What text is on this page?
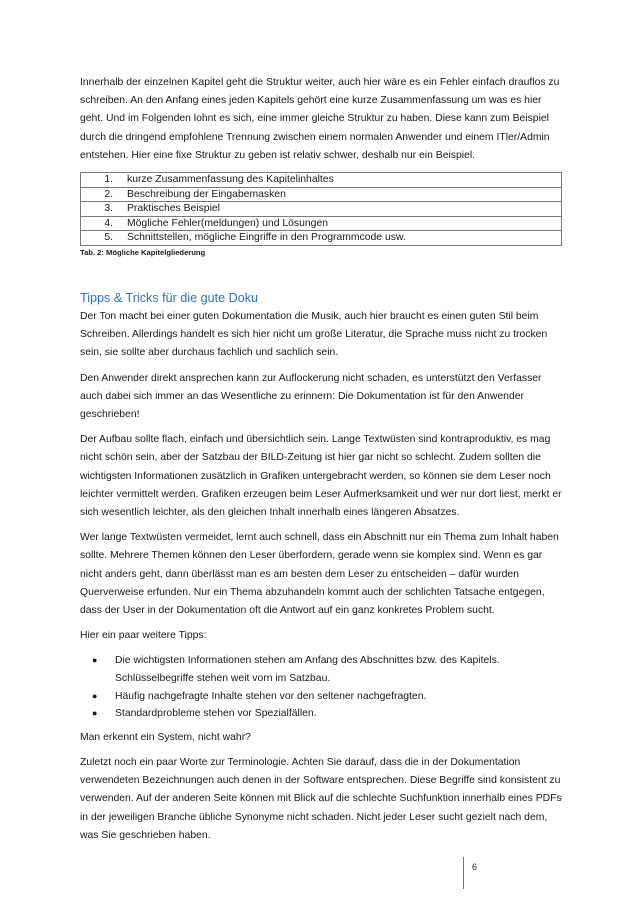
Innerhalb der einzelnen Kapitel geht die Struktur weiter, auch hier wäre es ein Fehler einfach drauflos zu schreiben. An den Anfang eines jeden Kapitels gehört eine kurze Zusammenfassung um was es hier geht. Und im Folgenden lohnt es sich, eine immer gleiche Struktur zu haben. Diese kann zum Beispiel durch die dringend empfohlene Trennung zwischen einem normalen Anwender und einem ITler/Admin entstehen. Hier eine fixe Struktur zu geben ist relativ schwer, deshalb nur ein Beispiel.

1.	kurze Zusammenfassung des Kapitelinhaltes
2.	Beschreibung der Eingabemasken
3.	Praktisches Beispiel
4.	Mögliche Fehler(meldungen) und Lösungen
5.	Schnittstellen, mögliche Eingriffe in den Programmcode usw.
Tab. 2: Mögliche Kapitelgliederung
Tipps & Tricks für die gute Doku

Der Ton macht bei einer guten Dokumentation die Musik, auch hier braucht es einen guten Stil beim Schreiben. Allerdings handelt es sich hier nicht um große Literatur, die Sprache muss nicht zu trocken sein, sie sollte aber durchaus fachlich und sachlich sein.

Den Anwender direkt ansprechen kann zur Auflockerung nicht schaden, es unterstützt den Verfasser auch dabei sich immer an das Wesentliche zu erinnern: Die Dokumentation ist für den Anwender geschrieben!

Der Aufbau sollte flach, einfach und übersichtlich sein. Lange Textwüsten sind kontraproduktiv, es mag nicht schön sein, aber der Satzbau der BILD-Zeitung ist hier gar nicht so schlecht. Zudem sollten die wichtigsten Informationen zusätzlich in Grafiken untergebracht werden, so können sie dem Leser noch leichter vermittelt werden. Grafiken erzeugen beim Leser Aufmerksamkeit und wer nur dort liest, merkt er sich wesentlich leichter, als den gleichen Inhalt innerhalb eines längeren Absatzes.

Wer lange Textwüsten vermeidet, lernt auch schnell, dass ein Abschnitt nur ein Thema zum Inhalt haben sollte. Mehrere Themen können den Leser überfordern, gerade wenn sie komplex sind. Wenn es gar nicht anders geht, dann überlässt man es am besten dem Leser zu entscheiden – dafür wurden Querverweise erfunden. Nur ein Thema abzuhandeln kommt auch der schlichten Tatsache entgegen, dass der User in der Dokumentation oft die Antwort auf ein ganz konkretes Problem sucht.

Hier ein paar weitere Tipps:

● Die wichtigsten Informationen stehen am Anfang des Abschnittes bzw. des Kapitels. Schlüsselbegriffe stehen weit vorn im Satzbau.
● Häufig nachgefragte Inhalte stehen vor den seltener nachgefragten.
● Standardprobleme stehen vor Spezialfällen.

Man erkennt ein System, nicht wahr?

Zuletzt noch ein paar Worte zur Terminologie. Achten Sie darauf, dass die in der Dokumentation verwendeten Bezeichnungen auch denen in der Software entsprechen. Diese Begriffe sind konsistent zu verwenden. Auf der anderen Seite können mit Blick auf die schlechte Suchfunktion innerhalb eines PDFs in der jeweiligen Branche übliche Synonyme nicht schaden. Nicht jeder Leser sucht gezielt nach dem, was Sie geschrieben haben.

6
